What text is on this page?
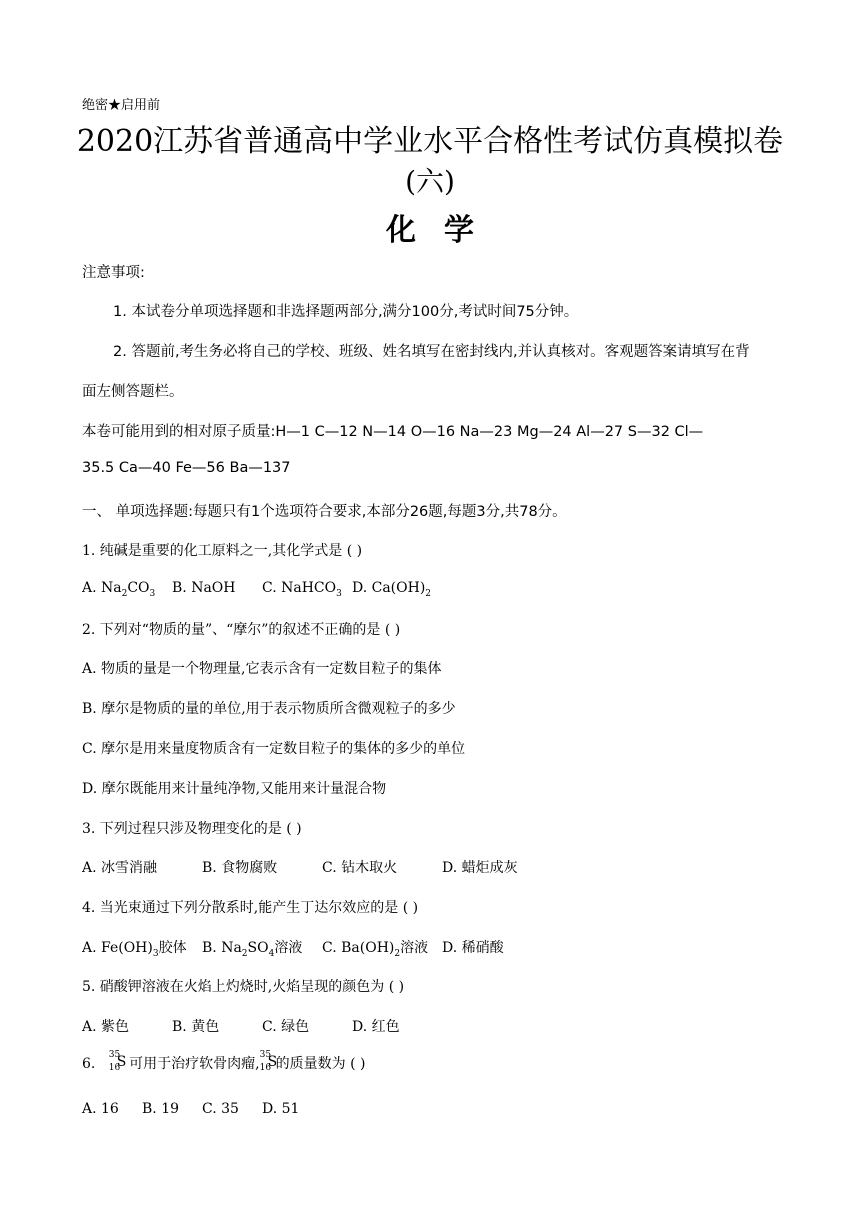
绝密★启用前
2020江苏省普通高中学业水平合格性考试仿真模拟卷
(六)
化学
注意事项:
1. 本试卷分单项选择题和非选择题两部分,满分100分,考试时间75分钟。
2. 答题前,考生务必将自己的学校、班级、姓名填写在密封线内,并认真核对。客观题答案请填写在背
面左侧答题栏。
本卷可能用到的相对原子质量:H—1 C—12 N—14 O—16 Na—23 Mg—24 Al—27 S—32 Cl—
35.5 Ca—40 Fe—56 Ba—137
一、 单项选择题:每题只有1个选项符合要求,本部分26题,每题3分,共78分。
1. 纯碱是重要的化工原料之一,其化学式是 ( )
A. $Na_2CO_3$ B. NaOH C. NaHCO$_3$ D. $Ca(OH)_2$
2. 下列对“物质的量”、“摩尔”的叙述不正确的是 ( )
A. 物质的量是一个物理量,它表示含有一定数目粒子的集体
B. 摩尔是物质的量的单位,用于表示物质所含微观粒子的多少
C. 摩尔是用来量度物质含有一定数目粒子的集体的多少的单位
D. 摩尔既能用来计量纯净物,又能用来计量混合物
3. 下列过程只涉及物理变化的是 ( )
A. 冰雪消融	B. 食物腐败	C. 钻木取火	D. 蜡炬成灰
4. 当光束通过下列分散系时,能产生丁达尔效应的是 ( )
A. $Fe(OH)_3$胶体 B. $Na_2SO_4$溶液 C. $Ba(OH)_2$溶液 D. 稀硝酸
5. 硝酸钾溶液在火焰上灼烧时,火焰呈现的颜色为 ( )
A. 紫色	B. 黄色	C. 绿色	D. 红色
6.
35
16
S 可用于治疗软骨肉瘤,
35
16
S
的质量数为 ( )
A. 16 B. 19 C. 35 D. 51
